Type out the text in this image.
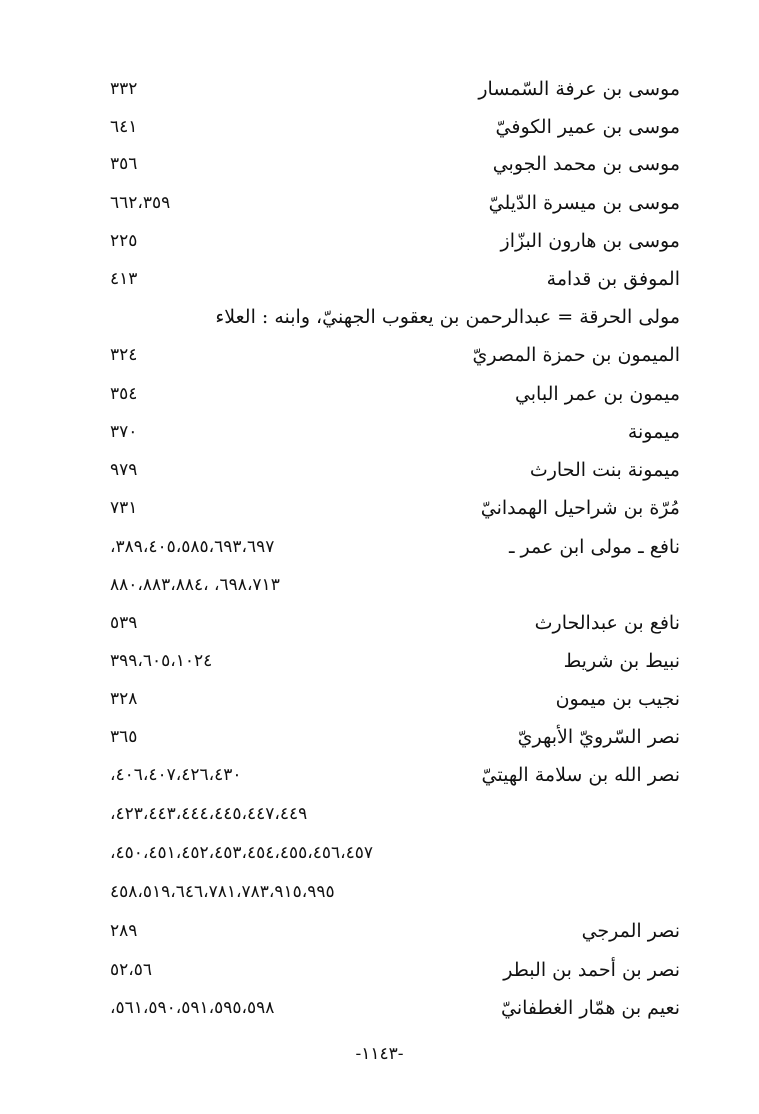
موسى بن عرفة السّمسار
٣٣٢
موسى بن عمير الكوفيّ
٦٤١
موسى بن محمد الجوبي
٣٥٦
موسى بن ميسرة الدّيليّ
٦٦٢،٣٥٩
موسى بن هارون البزّاز
٢٢٥
الموفق بن قدامة
٤١٣
مولى الحرقة = عبدالرحمن بن يعقوب الجهنيّ، وابنه : العلاء
الميمون بن حمزة المصريّ
٣٢٤
ميمون بن عمر البابي
٣٥٤
ميمونة
٣٧٠
ميمونة بنت الحارث
٩٧٩
مُرّة بن شراحيل الهمدانيّ
٧٣١
نافع ـ مولى ابن عمر ـ
٣٨٩،٤٠٥،٥٨٥،٦٩٣،٦٩٧،
٦٩٨،٧١٣، ،٨٨٠،٨٨٣،٨٨٤
نافع بن عبدالحارث
٥٣٩
نبيط بن شريط
٣٩٩،٦٠٥،١٠٢٤
نجيب بن ميمون
٣٢٨
نصر السّرويّ الأبهريّ
٣٦٥
نصر الله بن سلامة الهيتيّ
٤٠٦،٤٠٧،٤٢٦،٤٣٠،
٤٢٣،٤٤٣،٤٤٤،٤٤٥،٤٤٧،٤٤٩،
٤٥٠،٤٥١،٤٥٢،٤٥٣،٤٥٤،٤٥٥،٤٥٦،٤٥٧،
٤٥٨،٥١٩،٦٤٦،٧٨١،٧٨٣،٩١٥،٩٩٥
نصر المرجي
٢٨٩
نصر بن أحمد بن البطر
٥٢،٥٦
نعيم بن همّار الغطفانيّ
٥٦١،٥٩٠،٥٩١،٥٩٥،٥٩٨،
-١١٤٣-
